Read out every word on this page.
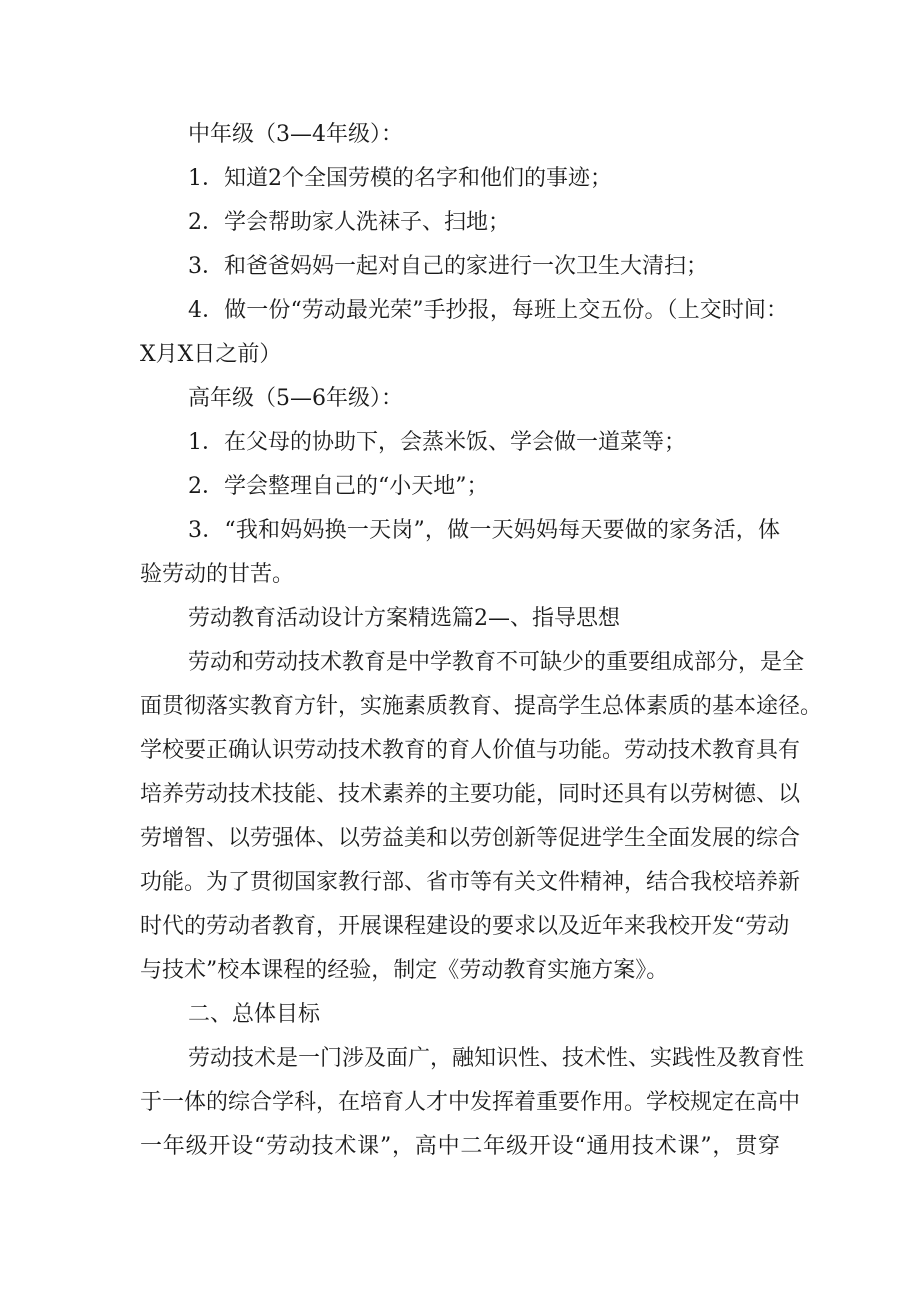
中年级（3—4年级）：
1．知道2个全国劳模的名字和他们的事迹；
2．学会帮助家人洗袜子、扫地；
3．和爸爸妈妈一起对自己的家进行一次卫生大清扫；
4．做一份“劳动最光荣”手抄报，每班上交五份。（上交时间：
X月X日之前）
高年级（5—6年级）：
1．在父母的协助下，会蒸米饭、学会做一道菜等；
2．学会整理自己的“小天地”；
3．“我和妈妈换一天岗”，做一天妈妈每天要做的家务活，体
验劳动的甘苦。
劳动教育活动设计方案精选篇2—、指导思想
劳动和劳动技术教育是中学教育不可缺少的重要组成部分，是全
面贯彻落实教育方针，实施素质教育、提高学生总体素质的基本途径。
学校要正确认识劳动技术教育的育人价值与功能。劳动技术教育具有
培养劳动技术技能、技术素养的主要功能，同时还具有以劳树德、以
劳增智、以劳强体、以劳益美和以劳创新等促进学生全面发展的综合
功能。为了贯彻国家教行部、省市等有关文件精神，结合我校培养新
时代的劳动者教育，开展课程建设的要求以及近年来我校开发“劳动
与技术”校本课程的经验，制定《劳动教育实施方案》。
二、总体目标
劳动技术是一门涉及面广，融知识性、技术性、实践性及教育性
于一体的综合学科，在培育人才中发挥着重要作用。学校规定在高中
一年级开设“劳动技术课”，高中二年级开设“通用技术课”，贯穿
